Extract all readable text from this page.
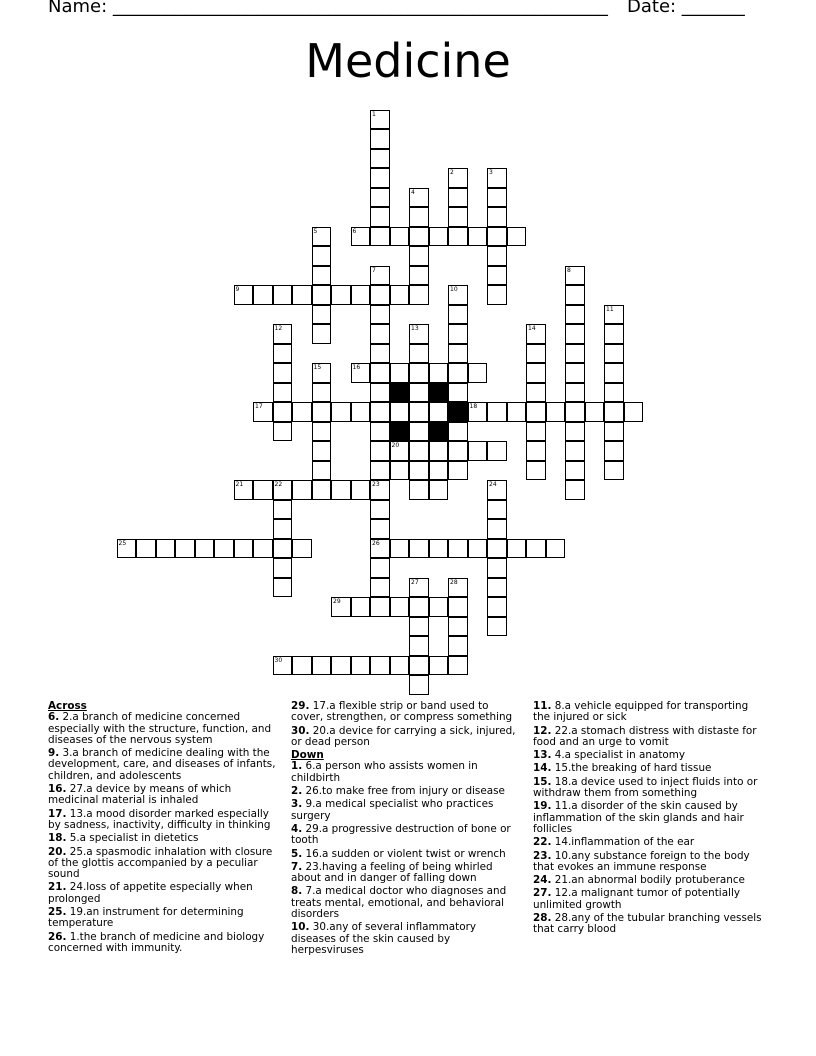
Name: _______________________________________________________ Date: _______
Medicine
1
2	3
4
5	6
7	8
9	10
11
12	13	14
15	16
17	18
19
20
21	22	23	24
25	26
27	28
29
30
Across
6. 2.a branch of medicine concerned especially with the structure, function, and diseases of the nervous system
9. 3.a branch of medicine dealing with the development, care, and diseases of infants, children, and adolescents
16. 27.a device by means of which medicinal material is inhaled
17. 13.a mood disorder marked especially by sadness, inactivity, difficulty in thinking
18. 5.a specialist in dietetics
20. 25.a spasmodic inhalation with closure of the glottis accompanied by a peculiar sound
21. 24.loss of appetite especially when prolonged
25. 19.an instrument for determining temperature
26. 1.the branch of medicine and biology concerned with immunity.
29. 17.a flexible strip or band used to cover, strengthen, or compress something
30. 20.a device for carrying a sick, injured, or dead person
Down
1. 6.a person who assists women in childbirth
2. 26.to make free from injury or disease
3. 9.a medical specialist who practices surgery
4. 29.a progressive destruction of bone or tooth
5. 16.a sudden or violent twist or wrench
7. 23.having a feeling of being whirled about and in danger of falling down
8. 7.a medical doctor who diagnoses and treats mental, emotional, and behavioral disorders
10. 30.any of several inflammatory diseases of the skin caused by herpesviruses
11. 8.a vehicle equipped for transporting the injured or sick
12. 22.a stomach distress with distaste for food and an urge to vomit
13. 4.a specialist in anatomy
14. 15.the breaking of hard tissue
15. 18.a device used to inject fluids into or withdraw them from something
19. 11.a disorder of the skin caused by inflammation of the skin glands and hair follicles
22. 14.inflammation of the ear
23. 10.any substance foreign to the body that evokes an immune response
24. 21.an abnormal bodily protuberance
27. 12.a malignant tumor of potentially unlimited growth
28. 28.any of the tubular branching vessels that carry blood
